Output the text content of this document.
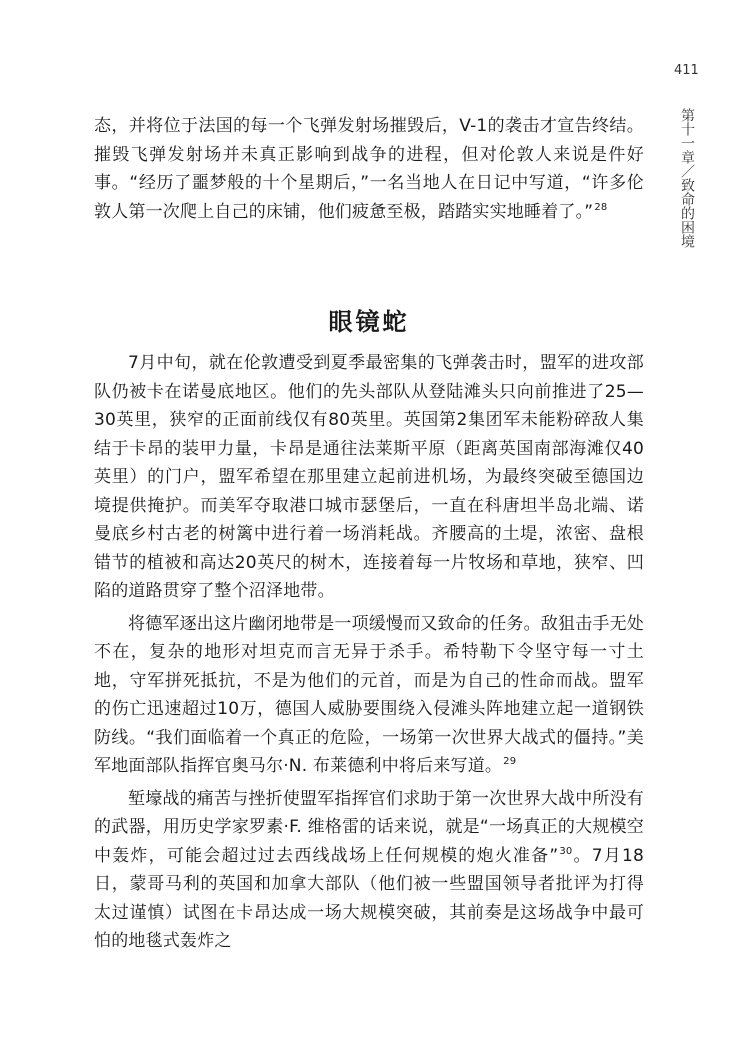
411
第十一章／致命的困境

态，并将位于法国的每一个飞弹发射场摧毁后，V-1的袭击才宣告终结。摧毁飞弹发射场并未真正影响到战争的进程，但对伦敦人来说是件好事。“经历了噩梦般的十个星期后，”一名当地人在日记中写道，“许多伦敦人第一次爬上自己的床铺，他们疲惫至极，踏踏实实地睡着了。”$^{28}$

眼镜蛇

7月中旬，就在伦敦遭受到夏季最密集的飞弹袭击时，盟军的进攻部队仍被卡在诺曼底地区。他们的先头部队从登陆滩头只向前推进了25—30英里，狭窄的正面前线仅有80英里。英国第2集团军未能粉碎敌人集结于卡昂的装甲力量，卡昂是通往法莱斯平原（距离英国南部海滩仅40英里）的门户，盟军希望在那里建立起前进机场，为最终突破至德国边境提供掩护。而美军夺取港口城市瑟堡后，一直在科唐坦半岛北端、诺曼底乡村古老的树篱中进行着一场消耗战。齐腰高的土堤，浓密、盘根错节的植被和高达20英尺的树木，连接着每一片牧场和草地，狭窄、凹陷的道路贯穿了整个沼泽地带。

将德军逐出这片幽闭地带是一项缓慢而又致命的任务。敌狙击手无处不在，复杂的地形对坦克而言无异于杀手。希特勒下令坚守每一寸土地，守军拼死抵抗，不是为他们的元首，而是为自己的性命而战。盟军的伤亡迅速超过10万，德国人威胁要围绕入侵滩头阵地建立起一道钢铁防线。“我们面临着一个真正的危险，一场第一次世界大战式的僵持。”美军地面部队指挥官奥马尔·N. 布莱德利中将后来写道。$^{29}$

堑壕战的痛苦与挫折使盟军指挥官们求助于第一次世界大战中所没有的武器，用历史学家罗素·F. 维格雷的话来说，就是“一场真正的大规模空中轰炸，可能会超过过去西线战场上任何规模的炮火准备”$^{30}$。7月18日，蒙哥马利的英国和加拿大部队（他们被一些盟国领导者批评为打得太过谨慎）试图在卡昂达成一场大规模突破，其前奏是这场战争中最可怕的地毯式轰炸之
